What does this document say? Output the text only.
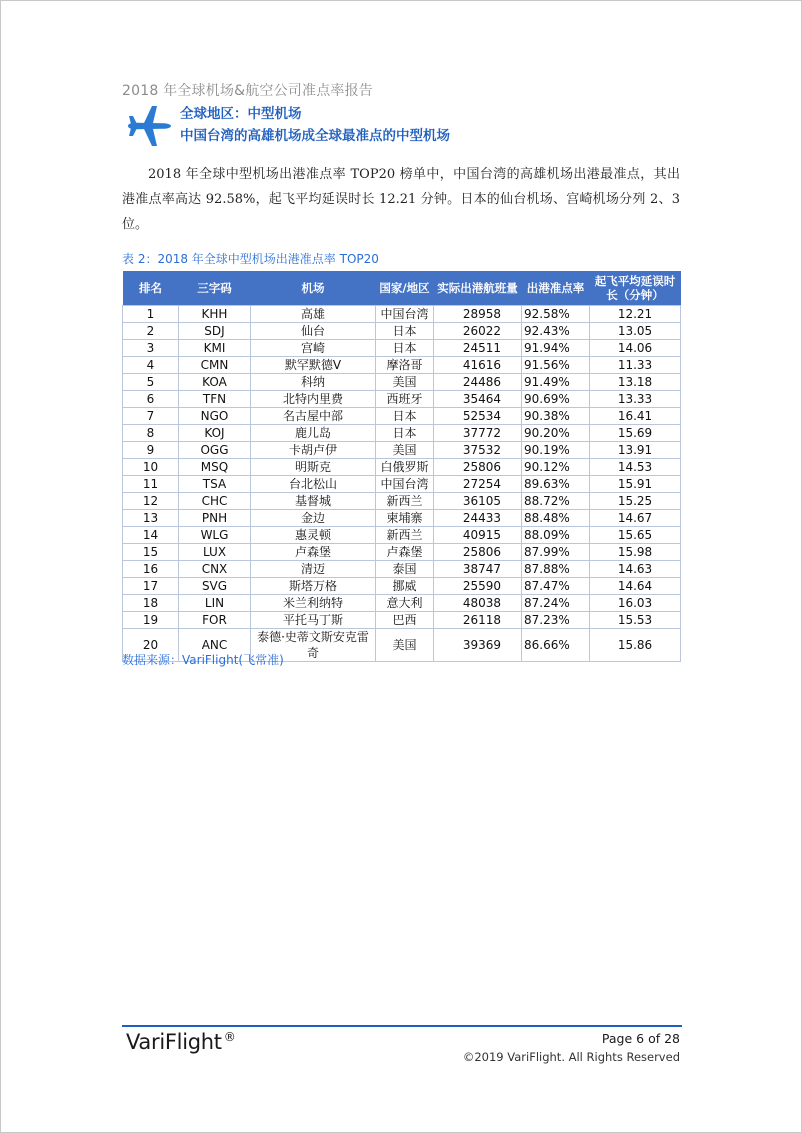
2018 年全球机场&航空公司准点率报告
全球地区：中型机场
中国台湾的高雄机场成全球最准点的中型机场
2018 年全球中型机场出港准点率 TOP20 榜单中，中国台湾的高雄机场出港最准点，其出港准点率高达 92.58%，起飞平均延误时长 12.21 分钟。日本的仙台机场、宫崎机场分列 2、3 位。
表 2：2018 年全球中型机场出港准点率 TOP20
排名	三字码	机场	国家/地区	实际出港航班量	出港准点率	起飞平均延误时长（分钟）
1	KHH	高雄	中国台湾	28958	92.58%	12.21
2	SDJ	仙台	日本	26022	92.43%	13.05
3	KMI	宫崎	日本	24511	91.94%	14.06
4	CMN	默罕默德V	摩洛哥	41616	91.56%	11.33
5	KOA	科纳	美国	24486	91.49%	13.18
6	TFN	北特内里费	西班牙	35464	90.69%	13.33
7	NGO	名古屋中部	日本	52534	90.38%	16.41
8	KOJ	鹿儿岛	日本	37772	90.20%	15.69
9	OGG	卡胡卢伊	美国	37532	90.19%	13.91
10	MSQ	明斯克	白俄罗斯	25806	90.12%	14.53
11	TSA	台北松山	中国台湾	27254	89.63%	15.91
12	CHC	基督城	新西兰	36105	88.72%	15.25
13	PNH	金边	柬埔寨	24433	88.48%	14.67
14	WLG	惠灵顿	新西兰	40915	88.09%	15.65
15	LUX	卢森堡	卢森堡	25806	87.99%	15.98
16	CNX	清迈	泰国	38747	87.88%	14.63
17	SVG	斯塔万格	挪威	25590	87.47%	14.64
18	LIN	米兰利纳特	意大利	48038	87.24%	16.03
19	FOR	平托马丁斯	巴西	26118	87.23%	15.53
20	ANC	泰德·史蒂文斯安克雷奇	美国	39369	86.66%	15.86
数据来源：VariFlight(飞常准)
VariFlight ®	Page 6 of 28
©2019 VariFlight. All Rights Reserved
